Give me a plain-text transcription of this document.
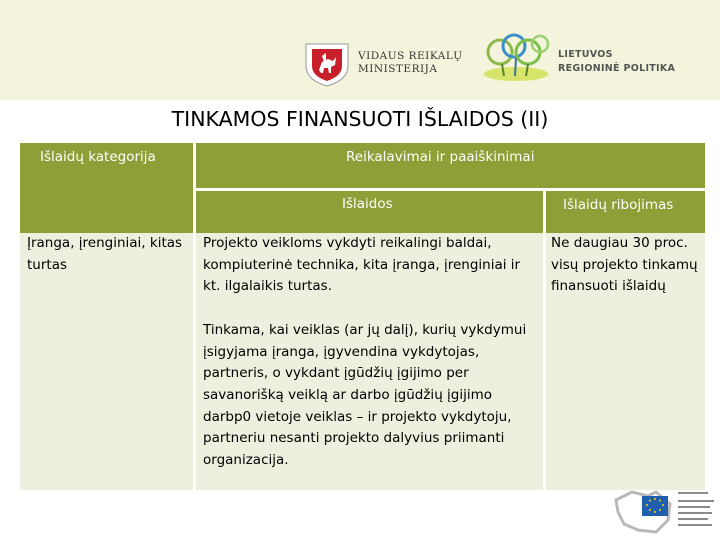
VIDAUS REIKALŲ
MINISTERIJA
LIETUVOS
REGIONINĖ POLITIKA
TINKAMOS FINANSUOTI IŠLAIDOS (II)
Išlaidų kategorija	Reikalavimai ir paaiškinimai
Išlaidos	Išlaidų ribojimas
Įranga, įrenginiai, kitas turtas
Projekto veikloms vykdyti reikalingi baldai, kompiuterinė technika, kita įranga, įrenginiai ir kt. ilgalaikis turtas.
Tinkama, kai veiklas (ar jų dalį), kurių vykdymui įsigyjama įranga, įgyvendina vykdytojas, partneris, o vykdant įgūdžių įgijimo per savanorišką veiklą ar darbo įgūdžių įgijimo darbp0 vietoje veiklas – ir projekto vykdytoju, partneriu nesanti projekto dalyvius priimanti organizacija.
Ne daugiau 30 proc. visų projekto tinkamų finansuoti išlaidų
